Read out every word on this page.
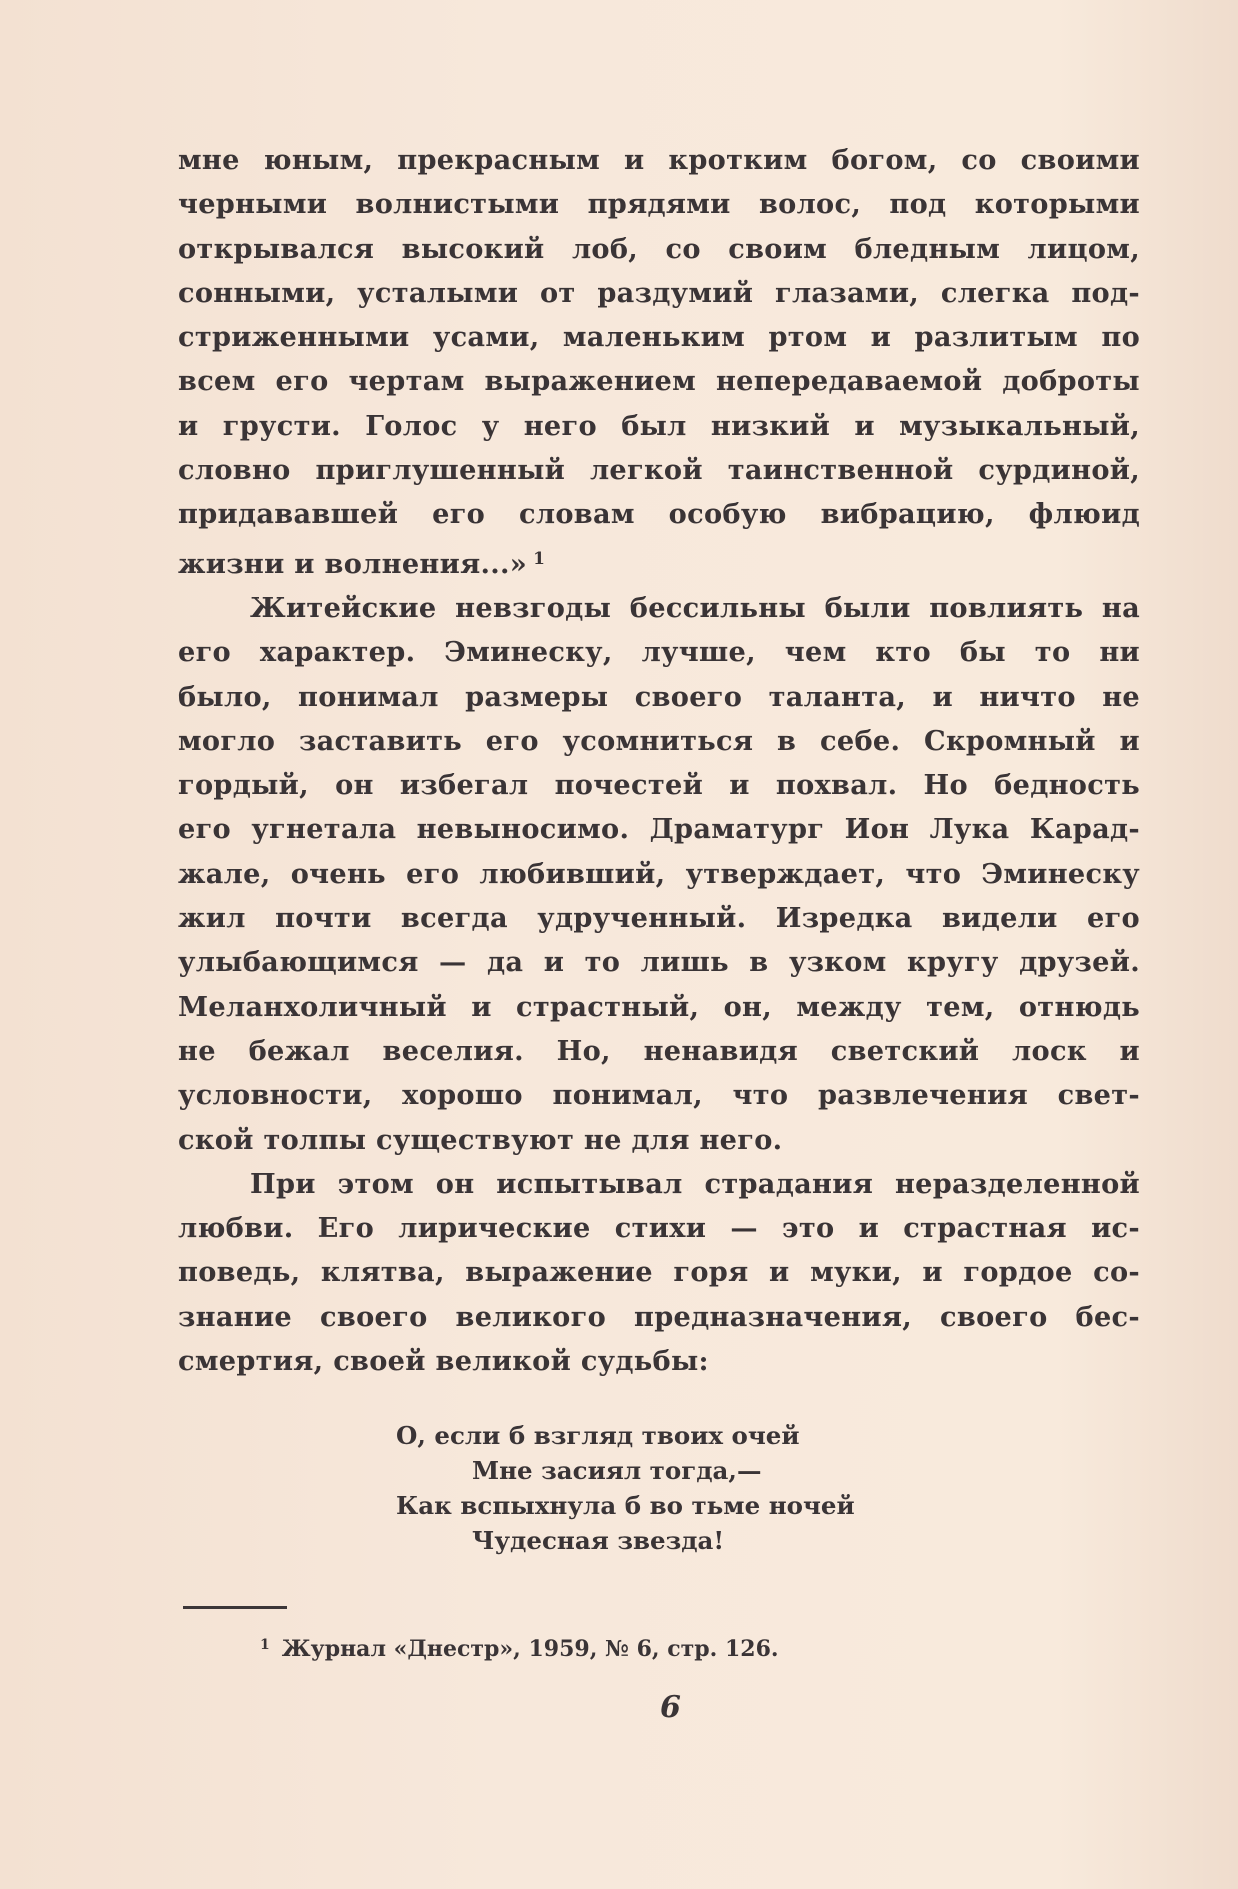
мне юным, прекрасным и кротким богом, со своими
черными волнистыми прядями волос, под которыми
открывался высокий лоб, со своим бледным лицом,
сонными, усталыми от раздумий глазами, слегка под-
стриженными усами, маленьким ртом и разлитым по
всем его чертам выражением непередаваемой доброты
и грусти. Голос у него был низкий и музыкальный,
словно приглушенный легкой таинственной сурдиной,
придававшей его словам особую вибрацию, флюид
жизни и волнения...» $^1$
Житейские невзгоды бессильны были повлиять на
его характер. Эминеску, лучше, чем кто бы то ни
было, понимал размеры своего таланта, и ничто не
могло заставить его усомниться в себе. Скромный и
гордый, он избегал почестей и похвал. Но бедность
его угнетала невыносимо. Драматург Ион Лука Карад-
жале, очень его любивший, утверждает, что Эминеску
жил почти всегда удрученный. Изредка видели его
улыбающимся — да и то лишь в узком кругу друзей.
Меланхоличный и страстный, он, между тем, отнюдь
не бежал веселия. Но, ненавидя светский лоск и
условности, хорошо понимал, что развлечения свет-
ской толпы существуют не для него.
При этом он испытывал страдания неразделенной
любви. Его лирические стихи — это и страстная ис-
поведь, клятва, выражение горя и муки, и гордое со-
знание своего великого предназначения, своего бес-
смертия, своей великой судьбы:
О, если б взгляд твоих очей
Мне засиял тогда,—
Как вспыхнула б во тьме ночей
Чудесная звезда!
$^1$ Журнал «Днестр», 1959, № 6, стр. 126.
6
